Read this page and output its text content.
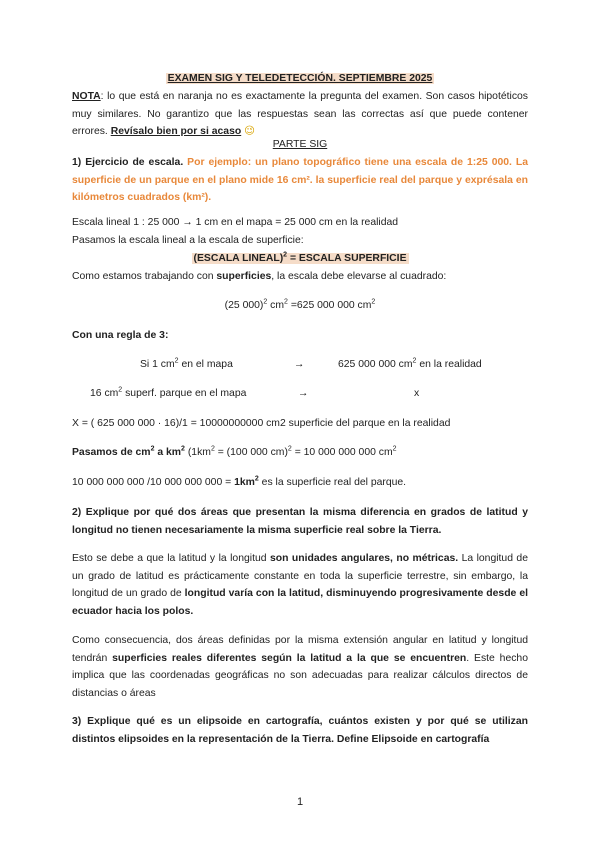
EXAMEN SIG Y TELEDETECCIÓN. SEPTIEMBRE 2025
NOTA: lo que está en naranja no es exactamente la pregunta del examen. Son casos hipotéticos muy similares. No garantizo que las respuestas sean las correctas así que puede contener errores. Revísalo bien por si acaso 😉
PARTE SIG
1) Ejercicio de escala. Por ejemplo: un plano topográfico tiene una escala de 1:25 000. La superficie de un parque en el plano mide 16 cm². la superficie real del parque y exprésala en kilómetros cuadrados (km²).
Escala lineal 1 : 25 000 → 1 cm en el mapa = 25 000 cm en la realidad
Pasamos la escala lineal a la escala de superficie:
(ESCALA LINEAL)$^2$ = ESCALA SUPERFICIE
Como estamos trabajando con superficies, la escala debe elevarse al cuadrado:
(25 000)$^2$ $cm^2 =625$ 000 000 $cm^2$
Con una regla de 3:
Si 1 $cm^2$ en el mapa	→	625 000 000 $cm^2$ en la realidad
16 $cm^2$ superf. parque en el mapa	→	x
X = ( 625 000 000 · 16)/1 = 10000000000 cm2 superficie del parque en la realidad
Pasamos de $cm^2$ a $km^2$ ($1km^2 = (100$ 000 cm)$^2$ = 10 000 000 000 $cm^2$
10 000 000 000 /10 000 000 $000 = 1km^2$ es la superficie real del parque.
2) Explique por qué dos áreas que presentan la misma diferencia en grados de latitud y longitud no tienen necesariamente la misma superficie real sobre la Tierra.
Esto se debe a que la latitud y la longitud son unidades angulares, no métricas. La longitud de un grado de latitud es prácticamente constante en toda la superficie terrestre, sin embargo, la longitud de un grado de longitud varía con la latitud, disminuyendo progresivamente desde el ecuador hacia los polos.
Como consecuencia, dos áreas definidas por la misma extensión angular en latitud y longitud tendrán superficies reales diferentes según la latitud a la que se encuentren. Este hecho implica que las coordenadas geográficas no son adecuadas para realizar cálculos directos de distancias o áreas
3) Explique qué es un elipsoide en cartografía, cuántos existen y por qué se utilizan distintos elipsoides en la representación de la Tierra. Define Elipsoide en cartografía
1
